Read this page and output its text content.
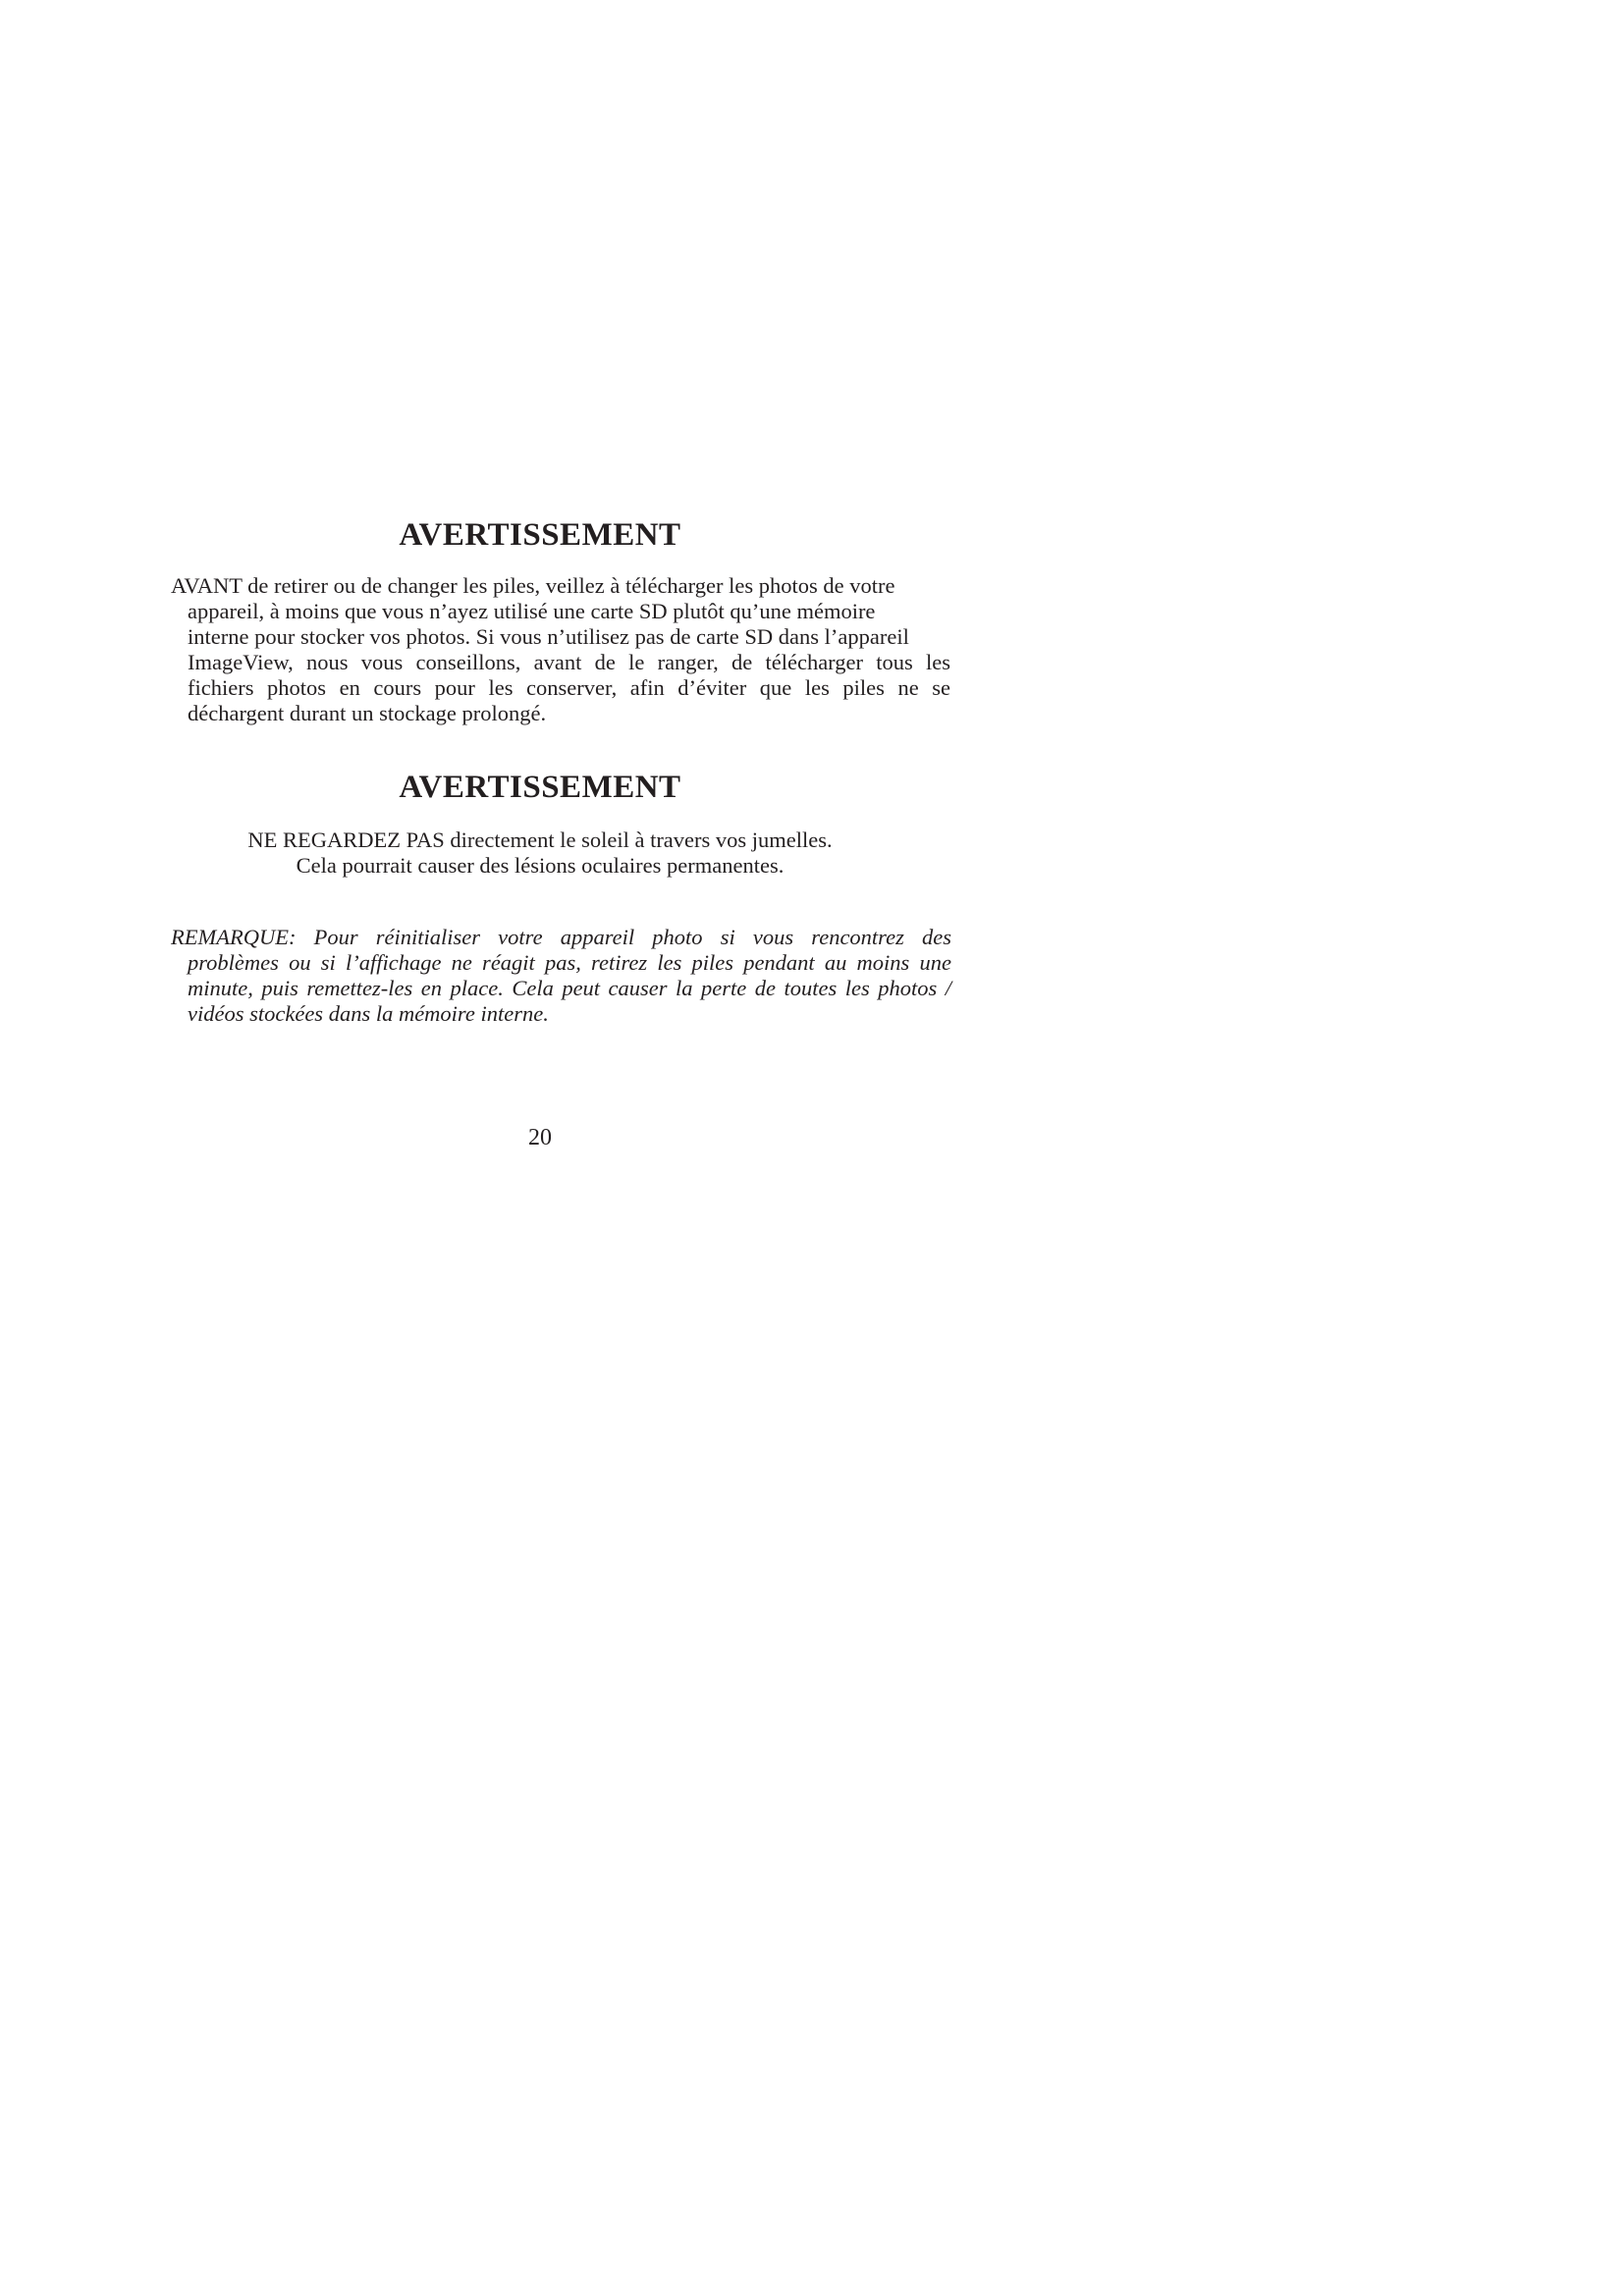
AVERTISSEMENT

AVANT de retirer ou de changer les piles, veillez à télécharger les photos de votre
appareil, à moins que vous n’ayez utilisé une carte SD plutôt qu’une mémoire
interne pour stocker vos photos. Si vous n’utilisez pas de carte SD dans l’appareil
ImageView, nous vous conseillons, avant de le ranger, de télécharger tous les
fichiers photos en cours pour les conserver, afin d’éviter que les piles ne se
déchargent durant un stockage prolongé.

AVERTISSEMENT

NE REGARDEZ PAS directement le soleil à travers vos jumelles.
Cela pourrait causer des lésions oculaires permanentes.

REMARQUE: Pour réinitialiser votre appareil photo si vous rencontrez des
problèmes ou si l’affichage ne réagit pas, retirez les piles pendant au moins une
minute, puis remettez-les en place. Cela peut causer la perte de toutes les photos /
vidéos stockées dans la mémoire interne.

20
